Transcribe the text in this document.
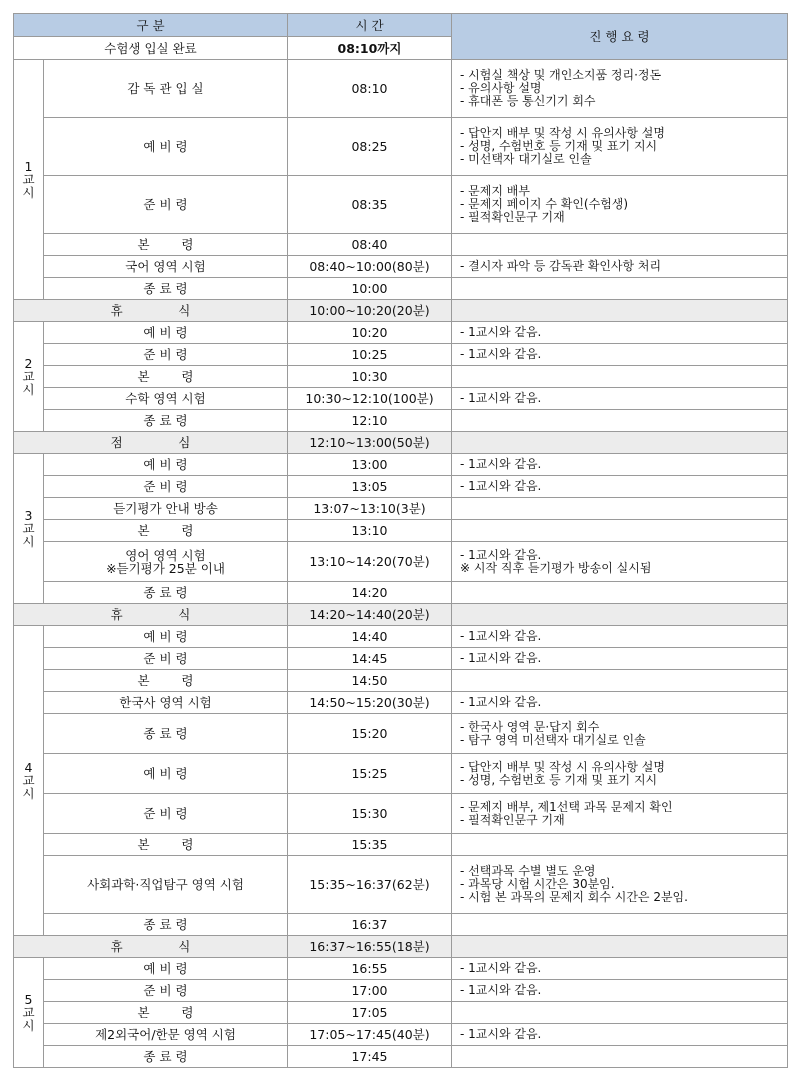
구 분		시 간	진 행 요 령
수험생 입실 완료		08:10까지	

1
교
시	감 독 관 입 실	08:10	- 시험실 책상 및 개인소지품 정리·정돈
- 유의사항 설명
- 휴대폰 등 통신기기 회수

	예 비 령	08:25	- 답안지 배부 및 작성 시 유의사항 설명
- 성명, 수험번호 등 기재 및 표기 지시
- 미선택자 대기실로 인솔

	준 비 령	08:35	- 문제지 배부
- 문제지 페이지 수 확인(수험생)
- 필적확인문구 기재

	본        령	08:40	
	국어 영역 시험	08:40~10:00(80분)	- 결시자 파악 등 감독관 확인사항 처리

	종 료 령	10:00	
휴              식		10:00~10:20(20분)	

2
교
시	예 비 령	10:20	- 1교시와 같음.

	준 비 령	10:25	- 1교시와 같음.

	본        령	10:30	
	수학 영역 시험	10:30~12:10(100분)	- 1교시와 같음.

	종 료 령	12:10	
점              심		12:10~13:00(50분)	

3
교
시	예 비 령	13:00	- 1교시와 같음.

	준 비 령	13:05	- 1교시와 같음.

	듣기평가 안내 방송	13:07~13:10(3분)	
	본        령	13:10	

	영어 영역 시험
※듣기평가 25분 이내	13:10~14:20(70분)	- 1교시와 같음.
※ 시작 직후 듣기평가 방송이 실시됨

	종 료 령	14:20	
휴              식		14:20~14:40(20분)	

4
교
시	예 비 령	14:40	- 1교시와 같음.

	준 비 령	14:45	- 1교시와 같음.

	본        령	14:50	
	한국사 영역 시험	14:50~15:20(30분)	- 1교시와 같음.

	종 료 령	15:20	- 한국사 영역 문·답지 회수
- 탐구 영역 미선택자 대기실로 인솔

	예 비 령	15:25	- 답안지 배부 및 작성 시 유의사항 설명
- 성명, 수험번호 등 기재 및 표기 지시

	준 비 령	15:30	- 문제지 배부, 제1선택 과목 문제지 확인
- 필적확인문구 기재

	본        령	15:35	
	사회과학·직업탐구 영역 시험	15:35~16:37(62분)	- 선택과목 수별 별도 운영
- 과목당 시험 시간은 30분임.
- 시험 본 과목의 문제지 회수 시간은 2분임.

	종 료 령	16:37	
휴              식		16:37~16:55(18분)	

5
교
시	예 비 령	16:55	- 1교시와 같음.

	준 비 령	17:00	- 1교시와 같음.

	본        령	17:05	
	제2외국어/한문 영역 시험	17:05~17:45(40분)	- 1교시와 같음.

	종 료 령	17:45	
